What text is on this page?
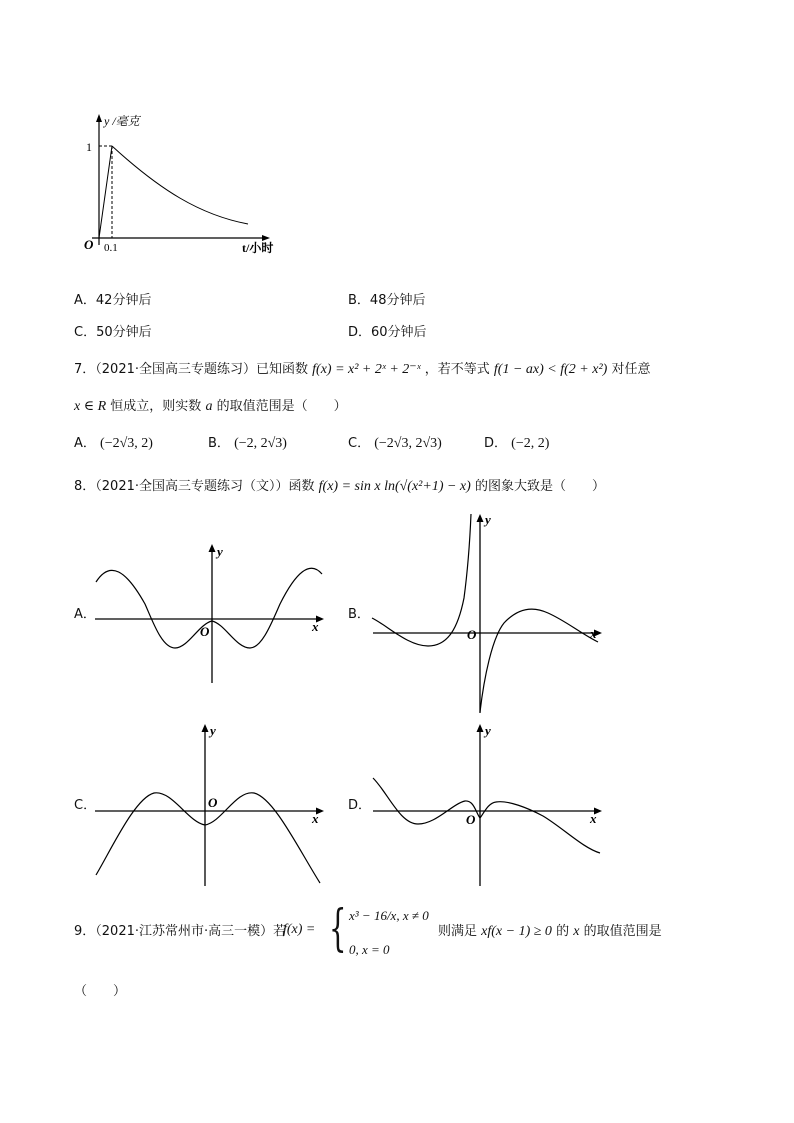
y /毫克
1
O 0.1	t/小时
A．42分钟后	B．48分钟后
C．50分钟后	D．60分钟后
7．（2021·全国高三专题练习）已知函数 f(x) = x² + 2ˣ + 2⁻ˣ ，若不等式 f(1 − ax) < f(2 + x²) 对任意
x ∈ R 恒成立，则实数 a 的取值范围是（　　）
A． (−2√3, 2)	B． (−2, 2√3)	C． (−2√3, 2√3)	D． (−2, 2)
8．（2021·全国高三专题练习（文））函数 f(x) = sin x ln(√(x²+1) − x) 的图象大致是（　　）
A．
y
x
O
B．
y
x
O
C．
y
x
O	D．
y
x
O
9．（2021·江苏常州市·高三一模）若
f(x) = { x³ − 16/x, x ≠ 0
0, x = 0
则满足 xf(x − 1) ≥ 0 的 x 的取值范围是
（　　）
